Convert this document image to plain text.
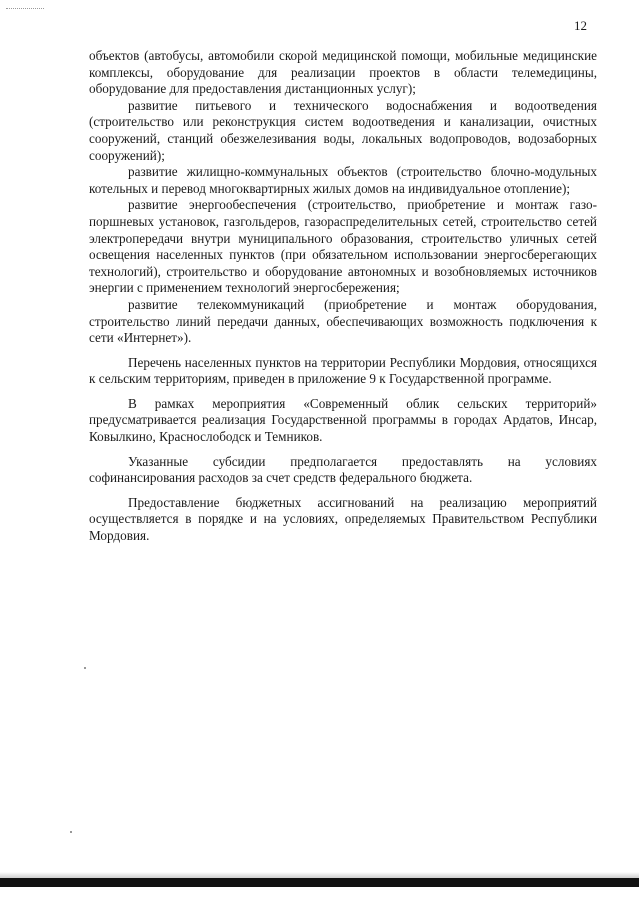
12

объектов (автобусы, автомобили скорой медицинской помощи, мобильные медицинские комплексы, оборудование для реализации проектов в области телемедицины, оборудование для предоставления дистанционных услуг);

развитие питьевого и технического водоснабжения и водоотведения (строительство или реконструкция систем водоотведения и канализации, очистных сооружений, станций обезжелезивания воды, локальных водопроводов, водозаборных сооружений);

развитие жилищно-коммунальных объектов (строительство блочно-модульных котельных и перевод многоквартирных жилых домов на индивидуальное отопление);

развитие энергообеспечения (строительство, приобретение и монтаж газо-поршневых установок, газгольдеров, газораспределительных сетей, строительство сетей электропередачи внутри муниципального образования, строительство уличных сетей освещения населенных пунктов (при обязательном использовании энергосберегающих технологий), строительство и оборудование автономных и возобновляемых источников энергии с применением технологий энергосбережения;

развитие телекоммуникаций (приобретение и монтаж оборудования, строительство линий передачи данных, обеспечивающих возможность подключения к сети «Интернет»).

Перечень населенных пунктов на территории Республики Мордовия, относящихся к сельским территориям, приведен в приложение 9 к Государственной программе.

В рамках мероприятия «Современный облик сельских территорий» предусматривается реализация Государственной программы в городах Ардатов, Инсар, Ковылкино, Краснослободск и Темников.

Указанные субсидии предполагается предоставлять на условиях софинансирования расходов за счет средств федерального бюджета.

Предоставление бюджетных ассигнований на реализацию мероприятий осуществляется в порядке и на условиях, определяемых Правительством Республики Мордовия.
